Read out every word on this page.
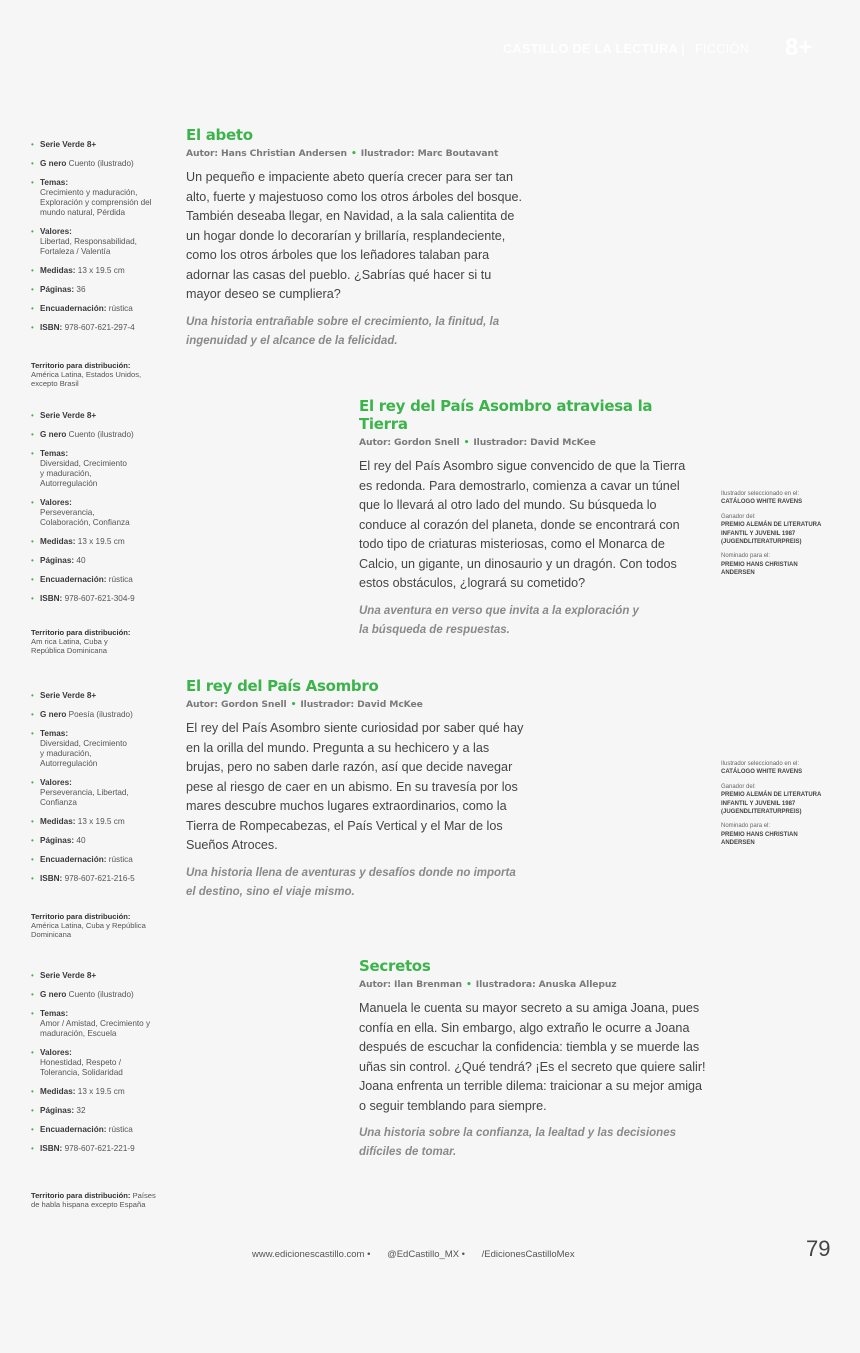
CASTILLO DE LA LECTURA | FICCIÓN 8+
• Serie Verde 8+
• G nero Cuento (ilustrado)
• Temas:
Crecimiento y maduración, Exploración y comprensión del mundo natural, Pérdida
• Valores:
Libertad, Responsabilidad, Fortaleza / Valentía
• Medidas: 13 x 19.5 cm
• Páginas: 36
• Encuadernación: rústica
• ISBN: 978-607-621-297-4
Territorio para distribución:
América Latina, Estados Unidos, excepto Brasil
El abeto
Autor: Hans Christian Andersen • Ilustrador: Marc Boutavant
Un pequeño e impaciente abeto quería crecer para ser tan alto, fuerte y majestuoso como los otros árboles del bosque. También deseaba llegar, en Navidad, a la sala calientita de un hogar donde lo decorarían y brillaría, resplandeciente, como los otros árboles que los leñadores talaban para adornar las casas del pueblo. ¿Sabrías qué hacer si tu mayor deseo se cumpliera?
Una historia entrañable sobre el crecimiento, la finitud, la ingenuidad y el alcance de la felicidad.
• Serie Verde 8+
• G nero Cuento (ilustrado)
• Temas:
Diversidad, Crecimiento y maduración, Autorregulación
• Valores:
Perseverancia, Colaboración, Confianza
• Medidas: 13 x 19.5 cm
• Páginas: 40
• Encuadernación: rústica
• ISBN: 978-607-621-304-9
Territorio para distribución:
Am rica Latina, Cuba y República Dominicana
El rey del País Asombro atraviesa la Tierra
Autor: Gordon Snell • Ilustrador: David McKee
El rey del País Asombro sigue convencido de que la Tierra es redonda. Para demostrarlo, comienza a cavar un túnel que lo llevará al otro lado del mundo. Su búsqueda lo conduce al corazón del planeta, donde se encontrará con todo tipo de criaturas misteriosas, como el Monarca de Calcio, un gigante, un dinosaurio y un dragón. Con todos estos obstáculos, ¿logrará su cometido?
Una aventura en verso que invita a la exploración y la búsqueda de respuestas.
Ilustrador seleccionado en el:
CATÁLOGO WHITE RAVENS
Ganador del:
PREMIO ALEMÁN DE LITERATURA INFANTIL Y JUVENIL 1987 (JUGENDLITERATURPREIS)
Nominado para el:
PREMIO HANS CHRISTIAN ANDERSEN
• Serie Verde 8+
• G nero Poesía (ilustrado)
• Temas:
Diversidad, Crecimiento y maduración, Autorregulación
• Valores:
Perseverancia, Libertad, Confianza
• Medidas: 13 x 19.5 cm
• Páginas: 40
• Encuadernación: rústica
• ISBN: 978-607-621-216-5
Territorio para distribución:
América Latina, Cuba y República Dominicana
El rey del País Asombro
Autor: Gordon Snell • Ilustrador: David McKee
El rey del País Asombro siente curiosidad por saber qué hay en la orilla del mundo. Pregunta a su hechicero y a las brujas, pero no saben darle razón, así que decide navegar pese al riesgo de caer en un abismo. En su travesía por los mares descubre muchos lugares extraordinarios, como la Tierra de Rompecabezas, el País Vertical y el Mar de los Sueños Atroces.
Una historia llena de aventuras y desafíos donde no importa el destino, sino el viaje mismo.
Ilustrador seleccionado en el:
CATÁLOGO WHITE RAVENS
Ganador del:
PREMIO ALEMÁN DE LITERATURA INFANTIL Y JUVENIL 1987 (JUGENDLITERATURPREIS)
Nominado para el:
PREMIO HANS CHRISTIAN ANDERSEN
• Serie Verde 8+
• G nero Cuento (ilustrado)
• Temas:
Amor / Amistad, Crecimiento y maduración, Escuela
• Valores:
Honestidad, Respeto / Tolerancia, Solidaridad
• Medidas: 13 x 19.5 cm
• Páginas: 32
• Encuadernación: rústica
• ISBN: 978-607-621-221-9
Territorio para distribución: Países de habla hispana excepto España
Secretos
Autor: Ilan Brenman • Ilustradora: Anuska Allepuz
Manuela le cuenta su mayor secreto a su amiga Joana, pues confía en ella. Sin embargo, algo extraño le ocurre a Joana después de escuchar la confidencia: tiembla y se muerde las uñas sin control. ¿Qué tendrá? ¡Es el secreto que quiere salir! Joana enfrenta un terrible dilema: traicionar a su mejor amiga o seguir temblando para siempre.
Una historia sobre la confianza, la lealtad y las decisiones difíciles de tomar.
www.edicionescastillo.com • @EdCastillo_MX • /EdicionesCastilloMex	79
